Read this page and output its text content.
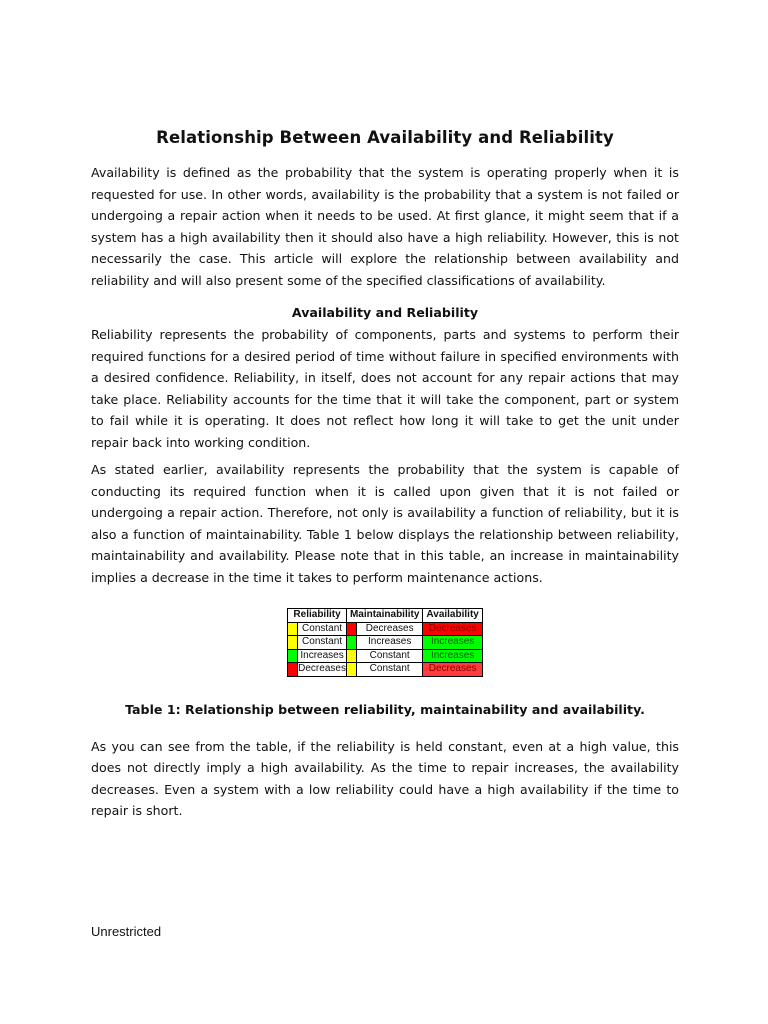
Relationship Between Availability and Reliability

Availability is defined as the probability that the system is operating properly when it is requested for use. In other words, availability is the probability that a system is not failed or undergoing a repair action when it needs to be used. At first glance, it might seem that if a system has a high availability then it should also have a high reliability. However, this is not necessarily the case. This article will explore the relationship between availability and reliability and will also present some of the specified classifications of availability.

Availability and Reliability

Reliability represents the probability of components, parts and systems to perform their required functions for a desired period of time without failure in specified environments with a desired confidence. Reliability, in itself, does not account for any repair actions that may take place. Reliability accounts for the time that it will take the component, part or system to fail while it is operating. It does not reflect how long it will take to get the unit under repair back into working condition.

As stated earlier, availability represents the probability that the system is capable of conducting its required function when it is called upon given that it is not failed or undergoing a repair action. Therefore, not only is availability a function of reliability, but it is also a function of maintainability. Table 1 below displays the relationship between reliability, maintainability and availability. Please note that in this table, an increase in maintainability implies a decrease in the time it takes to perform maintenance actions.

Reliability		Maintainability		Availability
	Constant		Decreases	Decreases
	Constant		Increases	Increases
	Increases		Constant	Increases
	Decreases		Constant	Decreases
Table 1: Relationship between reliability, maintainability and availability.

As you can see from the table, if the reliability is held constant, even at a high value, this does not directly imply a high availability. As the time to repair increases, the availability decreases. Even a system with a low reliability could have a high availability if the time to repair is short.

Unrestricted
